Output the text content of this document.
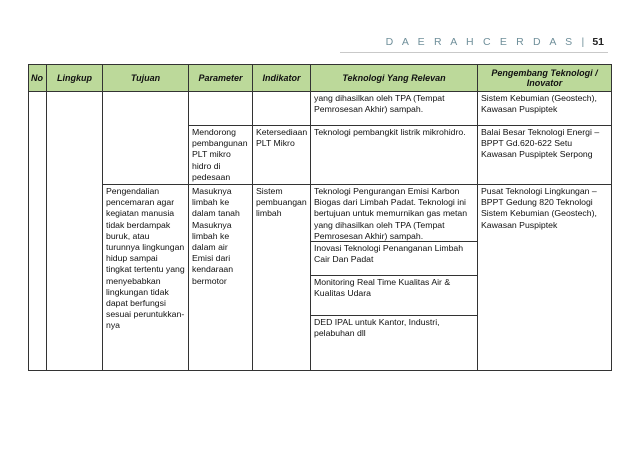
D A E R A H C E R D A S | 51
No	Lingkup	Tujuan	Parameter	Indikator	Teknologi Yang Relevan	Pengembang Teknologi / Inovator
					yang dihasilkan oleh TPA (Tempat Pemrosesan Akhir) sampah.	Sistem Kebumian (Geostech), Kawasan Puspiptek
			Mendorong pembangunan PLT mikro hidro di pedesaan	Ketersediaan PLT Mikro	Teknologi pembangkit listrik mikrohidro.	Balai Besar Teknologi Energi – BPPT Gd.620-622 Setu Kawasan Puspiptek Serpong
		Pengendalian pencemaran agar kegiatan manusia tidak berdampak buruk, atau turunnya lingkungan hidup sampai tingkat tertentu yang menyebabkan lingkungan tidak dapat berfungsi sesuai peruntukkan-nya	Masuknya limbah ke dalam tanah Masuknya limbah ke dalam air Emisi dari kendaraan bermotor	Sistem pembuangan limbah	Teknologi Pengurangan Emisi Karbon Biogas dari Limbah Padat. Teknologi ini bertujuan untuk memurnikan gas metan yang dihasilkan oleh TPA (Tempat Pemrosesan Akhir) sampah.
Inovasi Teknologi Penanganan Limbah Cair Dan Padat
Monitoring Real Time Kualitas Air & Kualitas Udara
DED IPAL untuk Kantor, Industri, pelabuhan dll	Pusat Teknologi Lingkungan – BPPT Gedung 820 Teknologi Sistem Kebumian (Geostech), Kawasan Puspiptek
